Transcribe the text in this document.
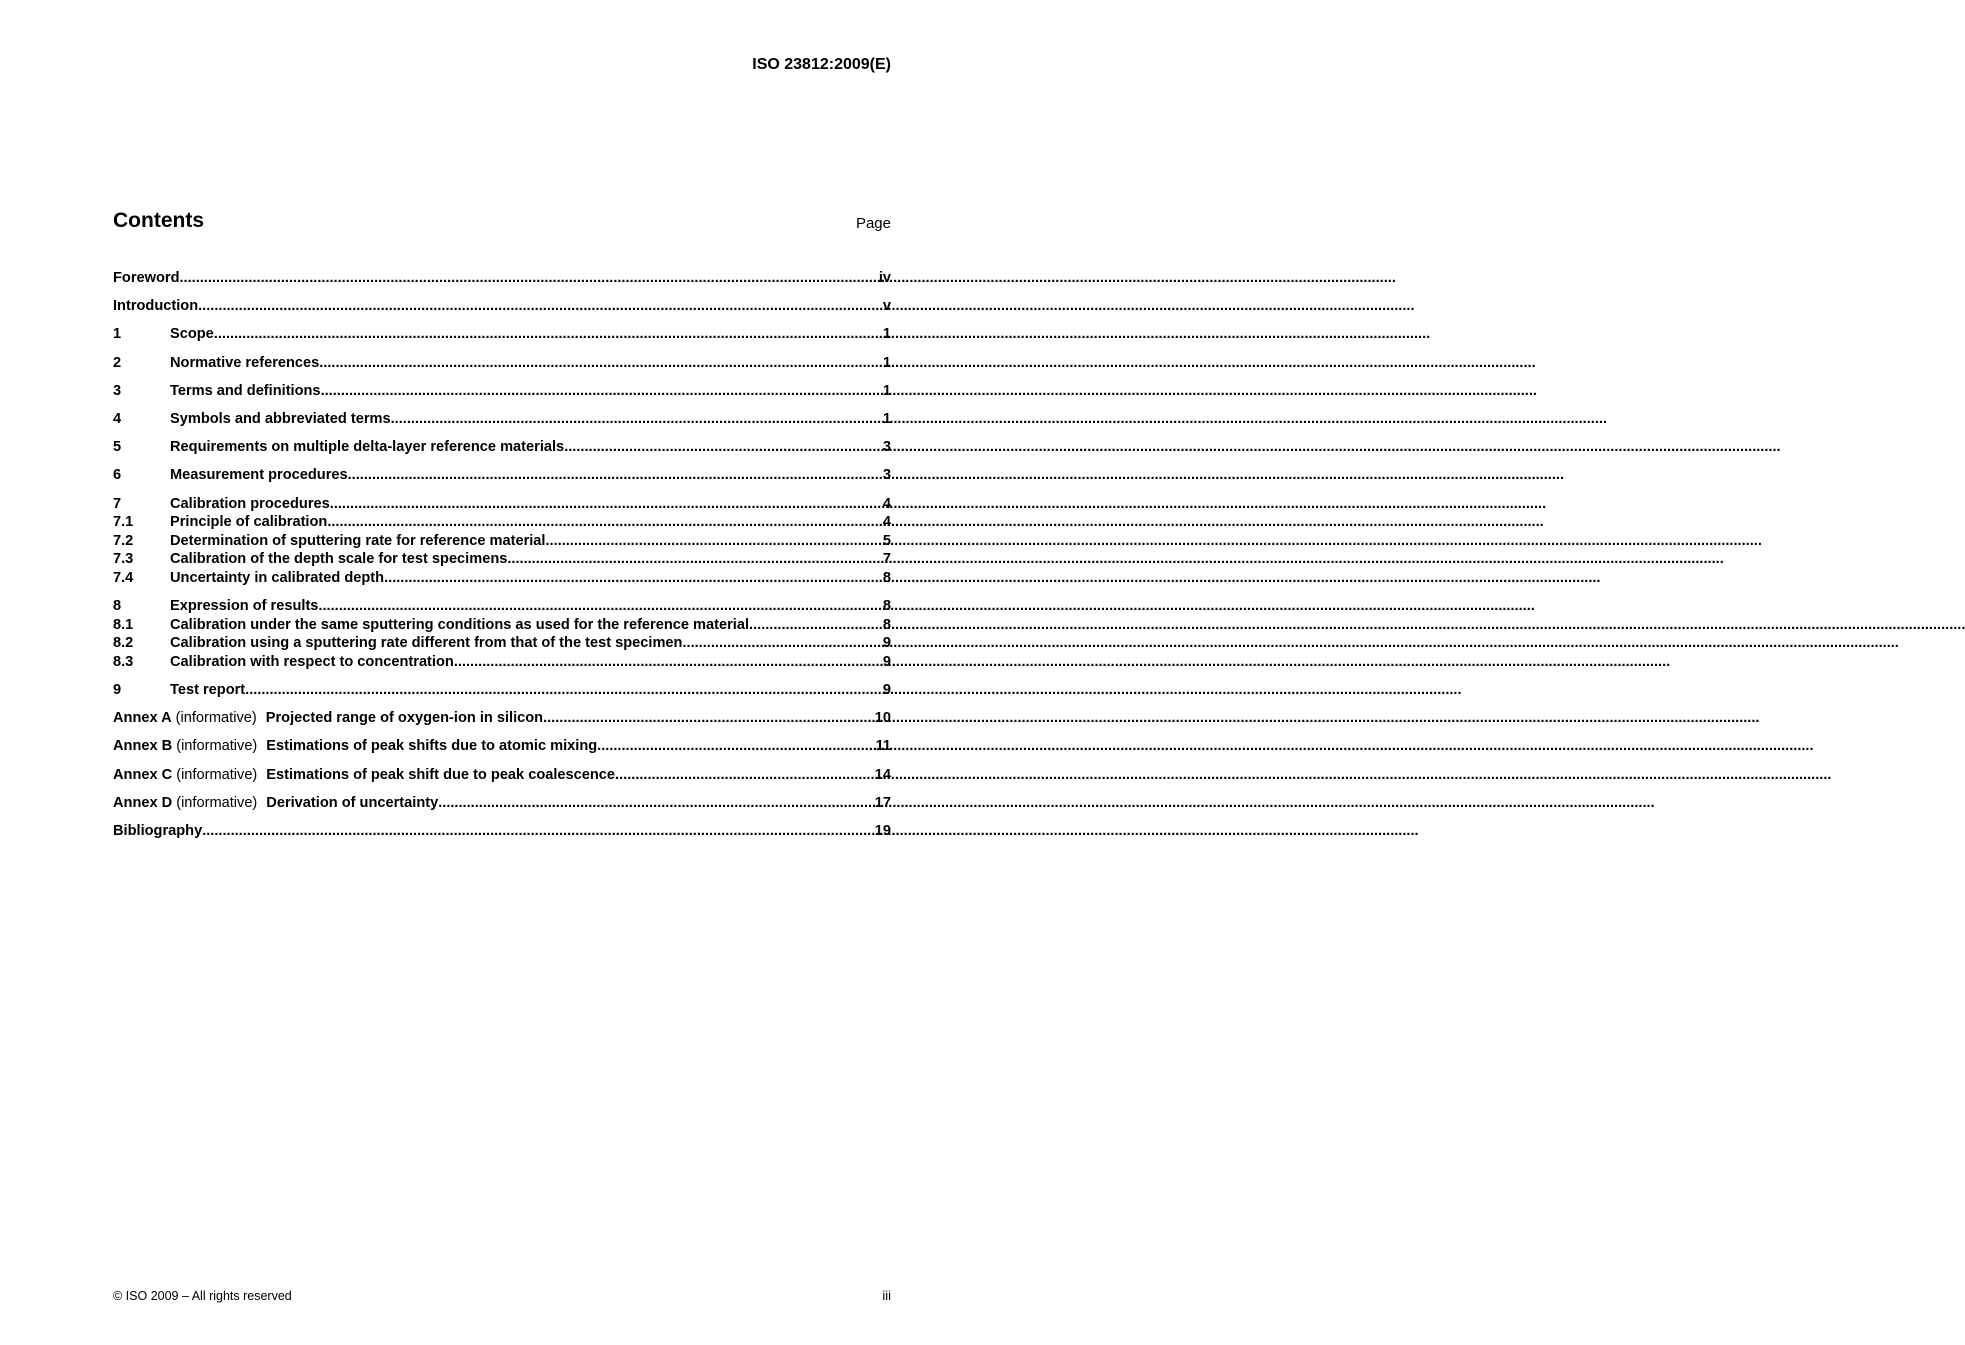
ISO 23812:2009(E)
Contents	Page
Foreword .....	iv
Introduction .....	v
1	Scope .....	1
2	Normative references .....	1
3	Terms and definitions .....	1
4	Symbols and abbreviated terms .....	1
5	Requirements on multiple delta-layer reference materials .....	3
6	Measurement procedures .....	3
7	Calibration procedures .....	4
7.1	Principle of calibration .....	4
7.2	Determination of sputtering rate for reference material .....	5
7.3	Calibration of the depth scale for test specimens .....	7
7.4	Uncertainty in calibrated depth .....	8
8	Expression of results .....	8
8.1	Calibration under the same sputtering conditions as used for the reference material .....	8
8.2	Calibration using a sputtering rate different from that of the test specimen .....	9
8.3	Calibration with respect to concentration .....	9
9	Test report .....	9
Annex A (informative) Projected range of oxygen-ion in silicon .....	10
Annex B (informative) Estimations of peak shifts due to atomic mixing .....	11
Annex C (informative) Estimations of peak shift due to peak coalescence .....	14
Annex D (informative) Derivation of uncertainty .....	17
Bibliography .....	19
© ISO 2009 – All rights reserved	iii
